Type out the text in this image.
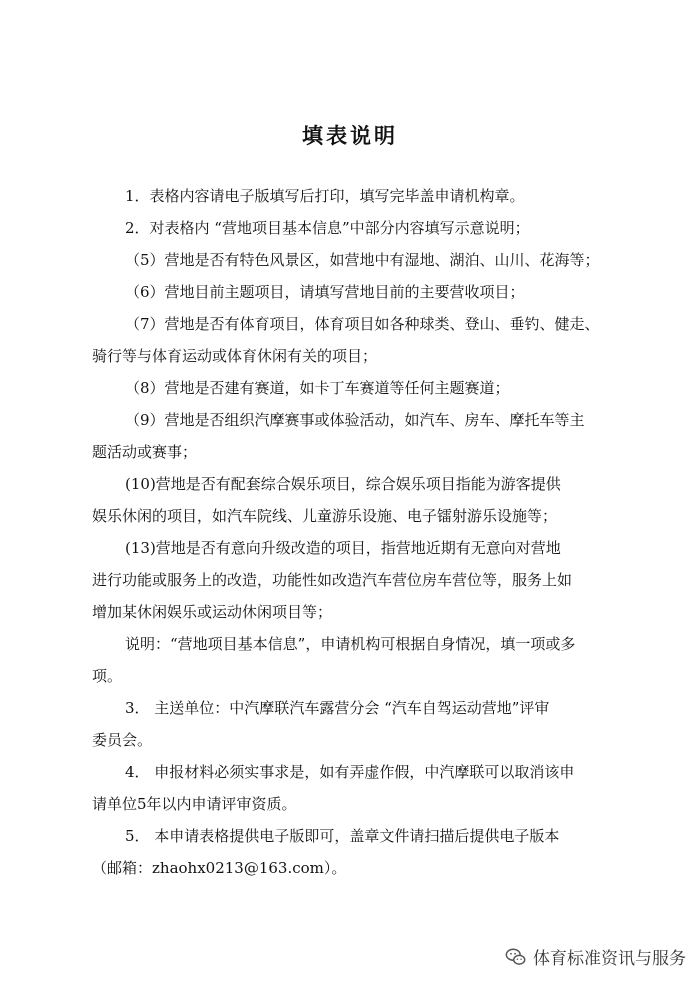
填表说明

1．表格内容请电子版填写后打印，填写完毕盖申请机构章。

2．对表格内 “营地项目基本信息”中部分内容填写示意说明；

（5）营地是否有特色风景区，如营地中有湿地、湖泊、山川、花海等；

（6）营地目前主题项目，请填写营地目前的主要营收项目；

（7）营地是否有体育项目，体育项目如各种球类、登山、垂钓、健走、

骑行等与体育运动或体育休闲有关的项目；

（8）营地是否建有赛道，如卡丁车赛道等任何主题赛道；

（9）营地是否组织汽摩赛事或体验活动，如汽车、房车、摩托车等主

题活动或赛事；

(10)营地是否有配套综合娱乐项目，综合娱乐项目指能为游客提供

娱乐休闲的项目，如汽车院线、儿童游乐设施、电子镭射游乐设施等；

(13)营地是否有意向升级改造的项目，指营地近期有无意向对营地

进行功能或服务上的改造，功能性如改造汽车营位房车营位等，服务上如

增加某休闲娱乐或运动休闲项目等；

说明：“营地项目基本信息”，申请机构可根据自身情况，填一项或多

项。

3． 主送单位：中汽摩联汽车露营分会 “汽车自驾运动营地”评审

委员会。

4． 申报材料必须实事求是，如有弄虚作假，中汽摩联可以取消该申

请单位5年以内申请评审资质。

5． 本申请表格提供电子版即可，盖章文件请扫描后提供电子版本

（邮箱：zhaohx0213@163.com）。

体育标准资讯与服务
